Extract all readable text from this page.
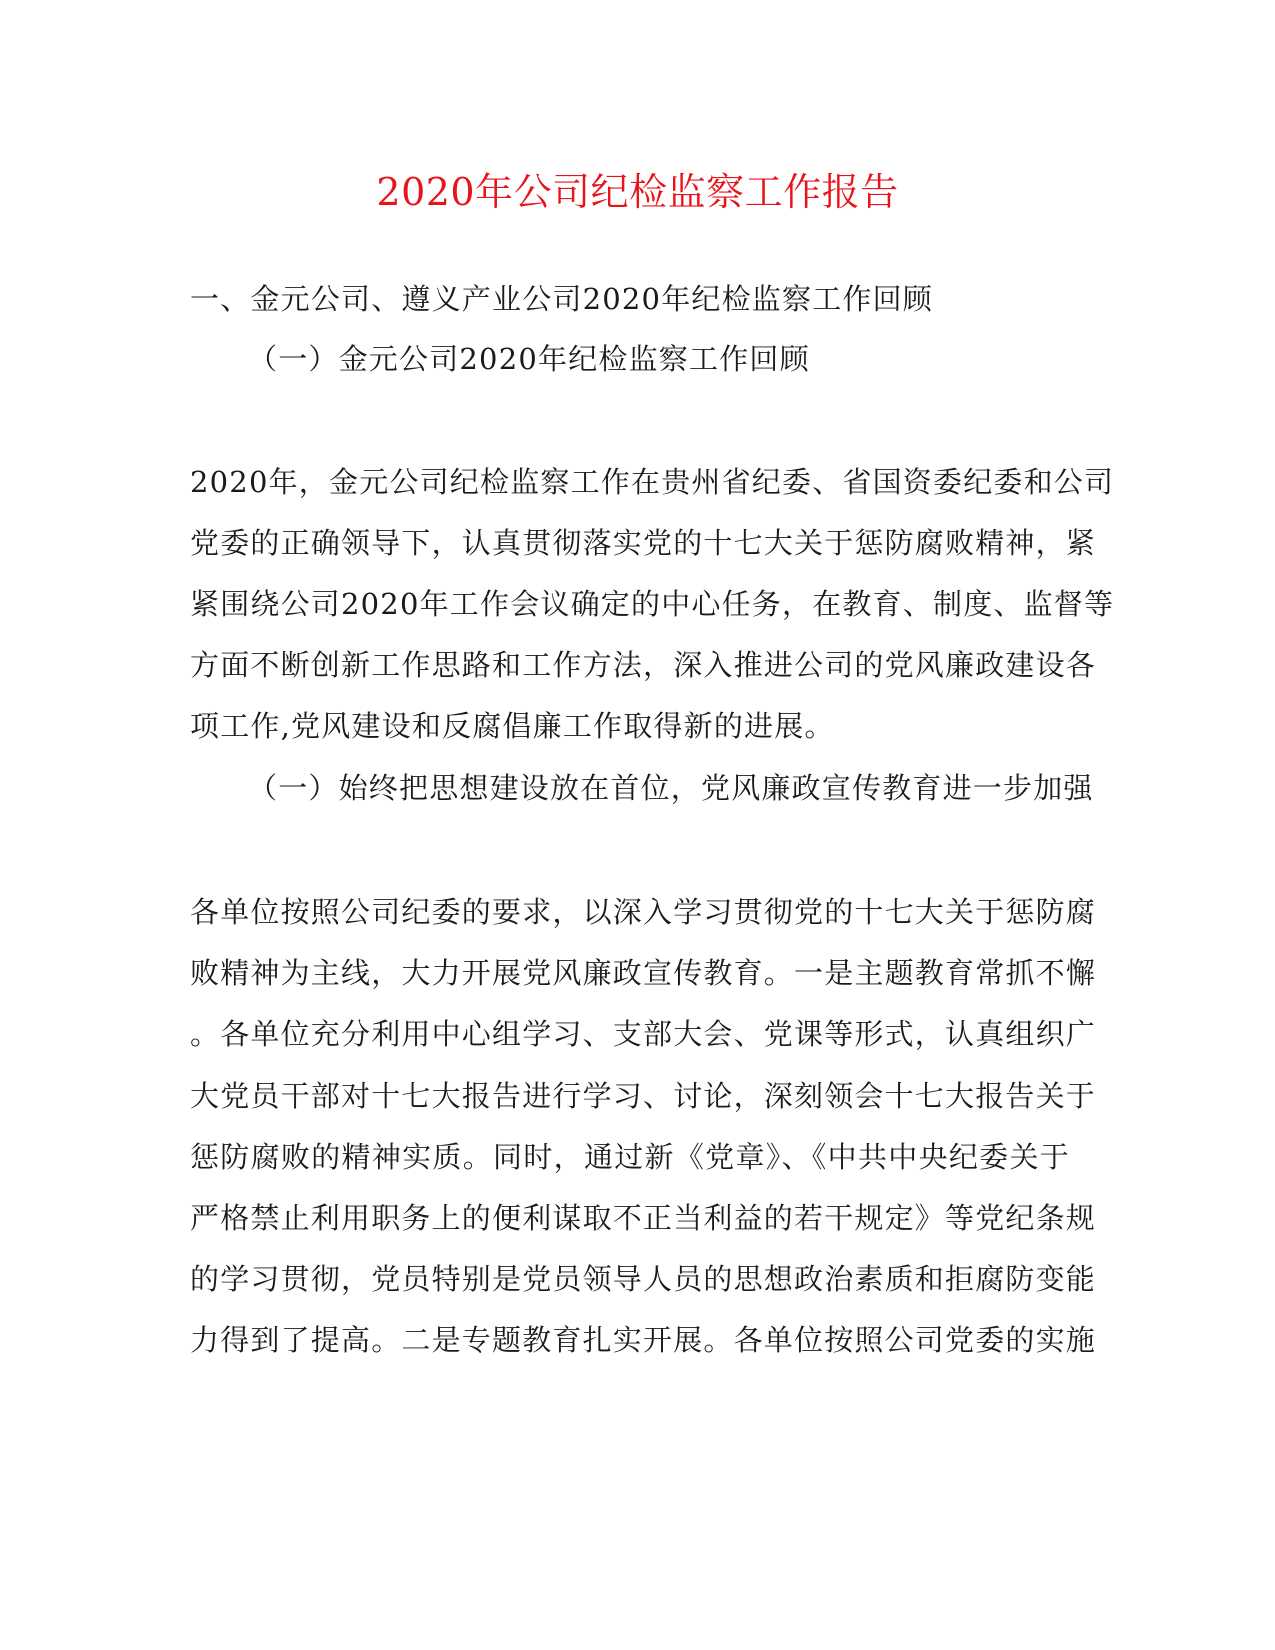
2020年公司纪检监察工作报告
一、金元公司、遵义产业公司2020年纪检监察工作回顾
（一）金元公司2020年纪检监察工作回顾
2020年，金元公司纪检监察工作在贵州省纪委、省国资委纪委和公司
党委的正确领导下，认真贯彻落实党的十七大关于惩防腐败精神，紧
紧围绕公司2020年工作会议确定的中心任务，在教育、制度、监督等
方面不断创新工作思路和工作方法，深入推进公司的党风廉政建设各
项工作,党风建设和反腐倡廉工作取得新的进展。
（一）始终把思想建设放在首位，党风廉政宣传教育进一步加强
各单位按照公司纪委的要求，以深入学习贯彻党的十七大关于惩防腐
败精神为主线，大力开展党风廉政宣传教育。一是主题教育常抓不懈
。各单位充分利用中心组学习、支部大会、党课等形式，认真组织广
大党员干部对十七大报告进行学习、讨论，深刻领会十七大报告关于
惩防腐败的精神实质。同时，通过新《党章》、《中共中央纪委关于
严格禁止利用职务上的便利谋取不正当利益的若干规定》等党纪条规
的学习贯彻，党员特别是党员领导人员的思想政治素质和拒腐防变能
力得到了提高。二是专题教育扎实开展。各单位按照公司党委的实施
